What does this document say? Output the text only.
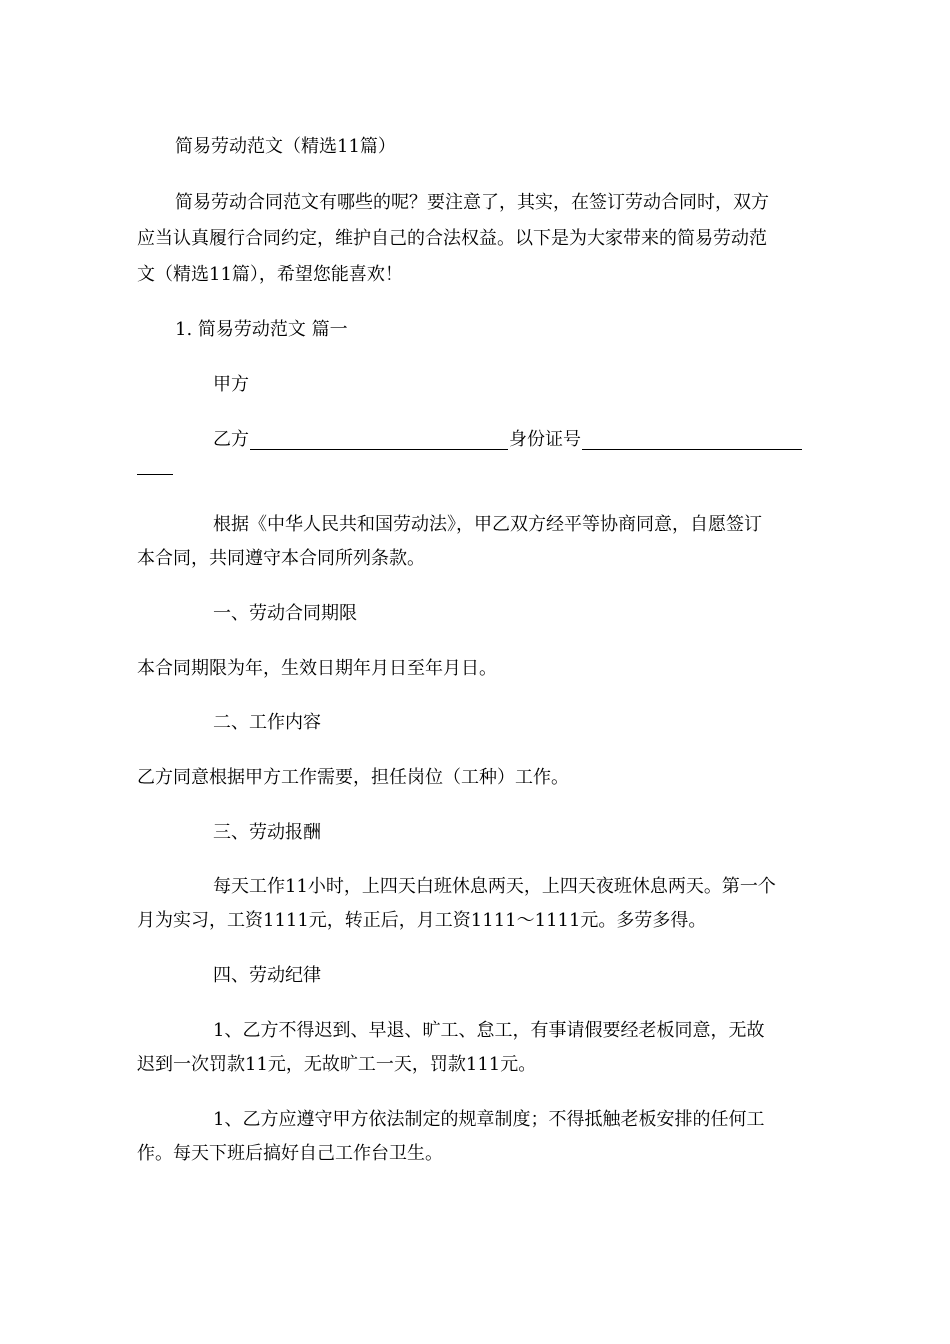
简易劳动范文（精选11篇）
简易劳动合同范文有哪些的呢？要注意了，其实，在签订劳动合同时，双方
应当认真履行合同约定，维护自己的合法权益。以下是为大家带来的简易劳动范
文（精选11篇），希望您能喜欢！
1. 简易劳动范文 篇一
甲方
乙方	身份证号
根据《中华人民共和国劳动法》，甲乙双方经平等协商同意，自愿签订
本合同，共同遵守本合同所列条款。
一、劳动合同期限
本合同期限为年，生效日期年月日至年月日。
二、工作内容
乙方同意根据甲方工作需要，担任岗位（工种）工作。
三、劳动报酬
每天工作11小时，上四天白班休息两天，上四天夜班休息两天。第一个
月为实习，工资1111元，转正后，月工资1111～1111元。多劳多得。
四、劳动纪律
1、乙方不得迟到、早退、旷工、怠工，有事请假要经老板同意，无故
迟到一次罚款11元，无故旷工一天，罚款111元。
1、乙方应遵守甲方依法制定的规章制度；不得抵触老板安排的任何工
作。每天下班后搞好自己工作台卫生。
